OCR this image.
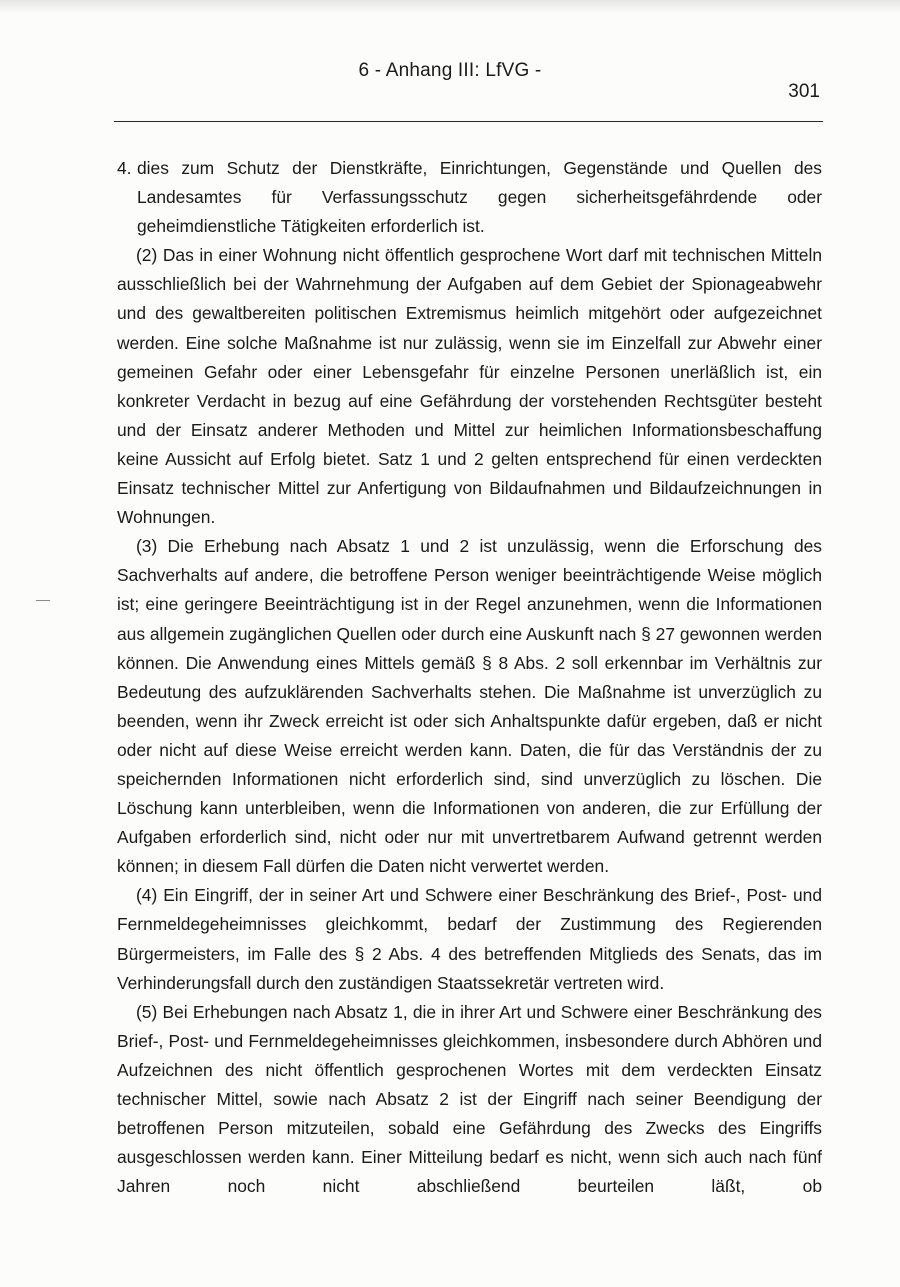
6 - Anhang III: LfVG -
301

4. dies zum Schutz der Dienstkräfte, Einrichtungen, Gegenstände und Quellen des Landesamtes für Verfassungsschutz gegen sicherheitsgefährdende oder geheimdienstliche Tätigkeiten erforderlich ist.

(2) Das in einer Wohnung nicht öffentlich gesprochene Wort darf mit technischen Mitteln ausschließlich bei der Wahrnehmung der Aufgaben auf dem Gebiet der Spionageabwehr und des gewaltbereiten politischen Extremismus heimlich mitgehört oder aufgezeichnet werden. Eine solche Maßnahme ist nur zulässig, wenn sie im Einzelfall zur Abwehr einer gemeinen Gefahr oder einer Lebensgefahr für einzelne Personen unerläßlich ist, ein konkreter Verdacht in bezug auf eine Gefährdung der vorstehenden Rechtsgüter besteht und der Einsatz anderer Methoden und Mittel zur heimlichen Informationsbeschaffung keine Aussicht auf Erfolg bietet. Satz 1 und 2 gelten entsprechend für einen verdeckten Einsatz technischer Mittel zur Anfertigung von Bildaufnahmen und Bildaufzeichnungen in Wohnungen.

(3) Die Erhebung nach Absatz 1 und 2 ist unzulässig, wenn die Erforschung des Sachverhalts auf andere, die betroffene Person weniger beeinträchtigende Weise möglich ist; eine geringere Beeinträchtigung ist in der Regel anzunehmen, wenn die Informationen aus allgemein zugänglichen Quellen oder durch eine Auskunft nach § 27 gewonnen werden können. Die Anwendung eines Mittels gemäß § 8 Abs. 2 soll erkennbar im Verhältnis zur Bedeutung des aufzuklärenden Sachverhalts stehen. Die Maßnahme ist unverzüglich zu beenden, wenn ihr Zweck erreicht ist oder sich Anhaltspunkte dafür ergeben, daß er nicht oder nicht auf diese Weise erreicht werden kann. Daten, die für das Verständnis der zu speichernden Informationen nicht erforderlich sind, sind unverzüglich zu löschen. Die Löschung kann unterbleiben, wenn die Informationen von anderen, die zur Erfüllung der Aufgaben erforderlich sind, nicht oder nur mit unvertretbarem Aufwand getrennt werden können; in diesem Fall dürfen die Daten nicht verwertet werden.

(4) Ein Eingriff, der in seiner Art und Schwere einer Beschränkung des Brief-, Post- und Fernmeldegeheimnisses gleichkommt, bedarf der Zustimmung des Regierenden Bürgermeisters, im Falle des § 2 Abs. 4 des betreffenden Mitglieds des Senats, das im Verhinderungsfall durch den zuständigen Staatssekretär vertreten wird.

(5) Bei Erhebungen nach Absatz 1, die in ihrer Art und Schwere einer Beschränkung des Brief-, Post- und Fernmeldegeheimnisses gleichkommen, insbesondere durch Abhören und Aufzeichnen des nicht öffentlich gesprochenen Wortes mit dem verdeckten Einsatz technischer Mittel, sowie nach Absatz 2 ist der Eingriff nach seiner Beendigung der betroffenen Person mitzuteilen, sobald eine Gefährdung des Zwecks des Eingriffs ausgeschlossen werden kann. Einer Mitteilung bedarf es nicht, wenn sich auch nach fünf Jahren noch nicht abschließend beurteilen läßt, ob
